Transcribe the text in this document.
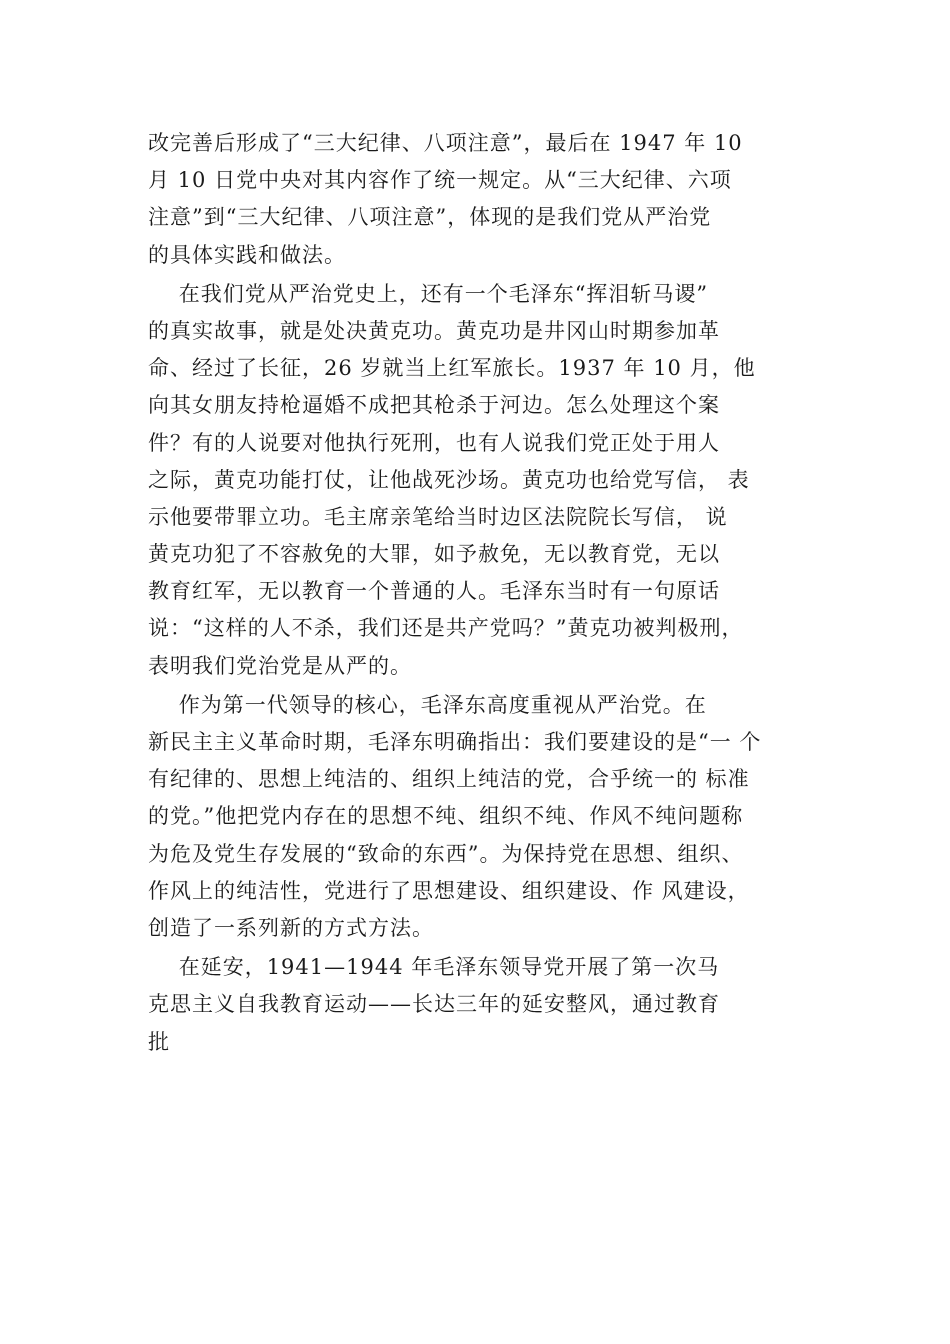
改完善后形成了“三大纪律、八项注意”，最后在 1947 年 10
月 10 日党中央对其内容作了统一规定。从“三大纪律、六项
注意”到“三大纪律、八项注意”，体现的是我们党从严治党
的具体实践和做法。
在我们党从严治党史上，还有一个毛泽东“挥泪斩马谡”
的真实故事，就是处决黄克功。黄克功是井冈山时期参加革
命、经过了长征，26 岁就当上红军旅长。1937 年 10 月，他
向其女朋友持枪逼婚不成把其枪杀于河边。怎么处理这个案
件？有的人说要对他执行死刑，也有人说我们党正处于用人
之际，黄克功能打仗，让他战死沙场。黄克功也给党写信， 表
示他要带罪立功。毛主席亲笔给当时边区法院院长写信， 说
黄克功犯了不容赦免的大罪，如予赦免，无以教育党，无以
教育红军，无以教育一个普通的人。毛泽东当时有一句原话
说：“这样的人不杀，我们还是共产党吗？”黄克功被判极刑，
表明我们党治党是从严的。
作为第一代领导的核心，毛泽东高度重视从严治党。在
新民主主义革命时期，毛泽东明确指出：我们要建设的是“一 个
有纪律的、思想上纯洁的、组织上纯洁的党，合乎统一的 标准
的党。”他把党内存在的思想不纯、组织不纯、作风不纯问题称
为危及党生存发展的“致命的东西”。为保持党在思想、组织、
作风上的纯洁性，党进行了思想建设、组织建设、作 风建设，
创造了一系列新的方式方法。
在延安，1941—1944 年毛泽东领导党开展了第一次马
克思主义自我教育运动——长达三年的延安整风，通过教育
批
